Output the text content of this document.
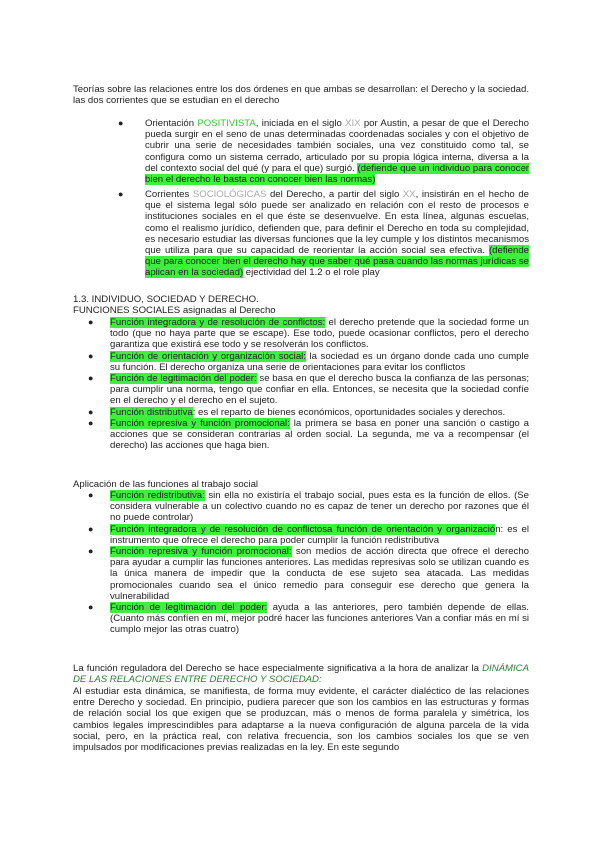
Teorías sobre las relaciones entre los dos órdenes en que ambas se desarrollan: el Derecho y la sociedad. las dos corrientes que se estudian en el derecho

● Orientación POSITIVISTA, iniciada en el siglo XIX por Austin, a pesar de que el Derecho pueda surgir en el seno de unas determinadas coordenadas sociales y con el objetivo de cubrir una serie de necesidades también sociales, una vez constituido como tal, se configura como un sistema cerrado, articulado por su propia lógica interna, diversa a la del contexto social del qué (y para el que) surgió. (defiende que un individuo para conocer bien el derecho le basta con conocer bien las normas)

● Corrientes SOCIOLÓGICAS del Derecho, a partir del siglo XX, insistirán en el hecho de que el sistema legal sólo puede ser analizado en relación con el resto de procesos e instituciones sociales en el que éste se desenvuelve. En esta línea, algunas escuelas, como el realismo jurídico, defienden que, para definir el Derecho en toda su complejidad, es necesario estudiar las diversas funciones que la ley cumple y los distintos mecanismos que utiliza para que su capacidad de reorientar la acción social sea efectiva. (defiende que para conocer bien el derecho hay que saber qué pasa cuando las normas jurídicas se aplican en la sociedad) ejectividad del 1.2 o el role play

1.3. INDIVIDUO, SOCIEDAD Y DERECHO.
FUNCIONES SOCIALES asignadas al Derecho
● Función integradora y de resolución de conflictos: el derecho pretende que la sociedad forme un todo (que no haya parte que se escape). Ese todo, puede ocasionar conflictos, pero el derecho garantiza que existirá ese todo y se resolverán los conflictos.

● Función de orientación y organización social: la sociedad es un órgano donde cada uno cumple su función. El derecho organiza una serie de orientaciones para evitar los conflictos

● Función de legitimación del poder: se basa en que el derecho busca la confianza de las personas; para cumplir una norma, tengo que confiar en ella. Entonces, se necesita que la sociedad confíe en el derecho y el derecho en el sujeto.

● Función distributiva: es el reparto de bienes económicos, oportunidades sociales y derechos.

● Función represiva y función promocional: la primera se basa en poner una sanción o castigo a acciones que se consideran contrarias al orden social. La segunda, me va a recompensar (el derecho) las acciones que haga bien.

Aplicación de las funciones al trabajo social
● Función redistributiva: sin ella no existiría el trabajo social, pues esta es la función de ellos. (Se considera vulnerable a un colectivo cuando no es capaz de tener un derecho por razones que él no puede controlar)

● Función integradora y de resolución de conflictosa función de orientación y organización: es el instrumento que ofrece el derecho para poder cumplir la función redistributiva

● Función represiva y función promocional: son medios de acción directa que ofrece el derecho para ayudar a cumplir las funciones anteriores. Las medidas represivas solo se utilizan cuando es la única manera de impedir que la conducta de ese sujeto sea atacada. Las medidas promocionales cuando sea el único remedio para conseguir ese derecho que genera la vulnerabilidad

● Función de legitimación del poder: ayuda a las anteriores, pero también depende de ellas. (Cuanto más confíen en mí, mejor podré hacer las funciones anteriores Van a confiar más en mí si cumplo mejor las otras cuatro)

La función reguladora del Derecho se hace especialmente significativa a la hora de analizar la DINÁMICA DE LAS RELACIONES ENTRE DERECHO Y SOCIEDAD:

Al estudiar esta dinámica, se manifiesta, de forma muy evidente, el carácter dialéctico de las relaciones entre Derecho y sociedad. En principio, pudiera parecer que son los cambios en las estructuras y formas de relación social los que exigen que se produzcan, más o menos de forma paralela y simétrica, los cambios legales imprescindibles para adaptarse a la nueva configuración de alguna parcela de la vida social, pero, en la práctica real, con relativa frecuencia, son los cambios sociales los que se ven impulsados por modificaciones previas realizadas en la ley. En este segundo
